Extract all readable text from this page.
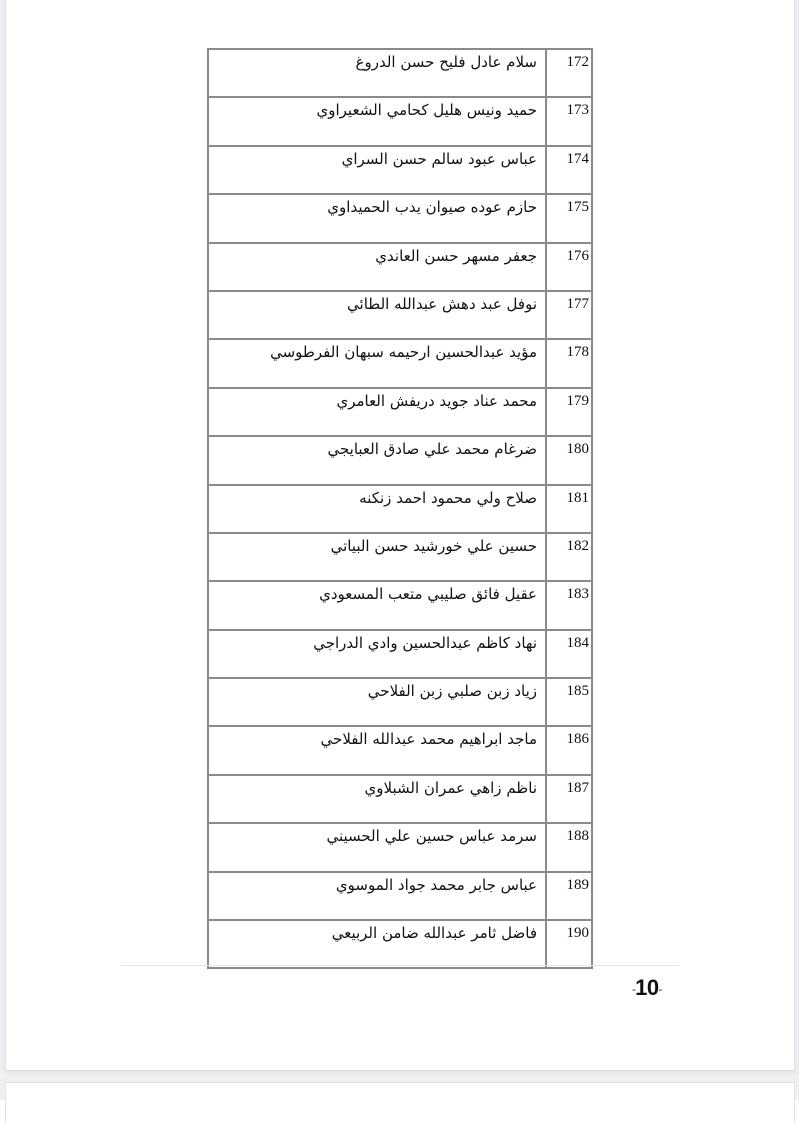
172	سلام عادل فليح حسن الدروغ
173	حميد ونيس هليل كحامي الشعيراوي
174	عباس عبود سالم حسن السراي
175	حازم عوده صيوان يدب الحميداوي
176	جعفر مسهر حسن العاندي
177	نوفل عبد دهش عبدالله الطائي
178	مؤيد عبدالحسين ارحيمه سبهان الفرطوسي
179	محمد عناد جويد دريفش العامري
180	ضرغام محمد علي صادق العبايجي
181	صلاح ولي محمود احمد زنكنه
182	حسين علي خورشيد حسن البياتي
183	عقيل فائق صليبي متعب المسعودي
184	نهاد كاظم عبدالحسين وادي الدراجي
185	زياد زبن صلبي زبن الفلاحي
186	ماجد ابراهيم محمد عبدالله الفلاحي
187	ناظم زاهي عمران الشبلاوي
188	سرمد عباس حسين علي الحسيني
189	عباس جابر محمد جواد الموسوي
190	فاضل ثامر عبدالله ضامن الربيعي
-10-
